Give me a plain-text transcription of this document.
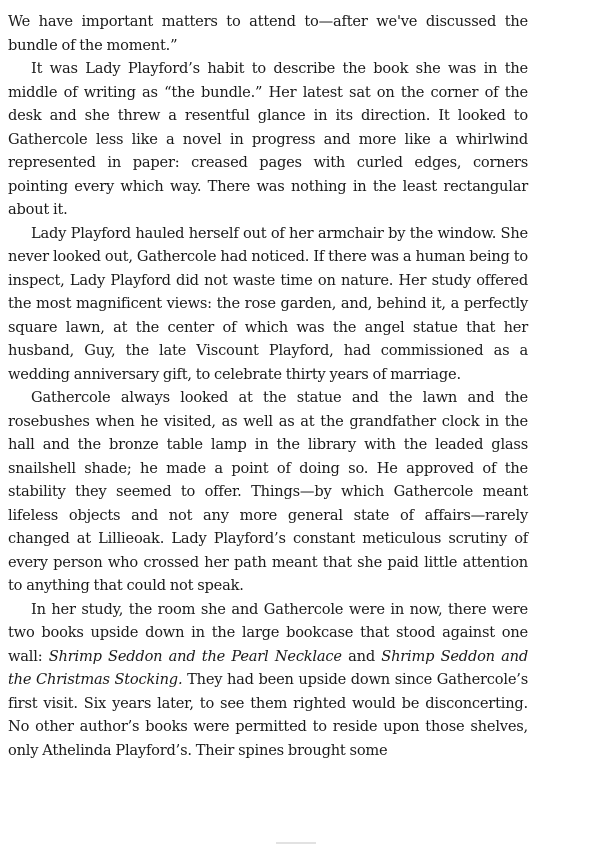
We have important matters to attend to—after we've discussed the bundle of the moment.”

It was Lady Playford’s habit to describe the book she was in the middle of writing as “the bundle.” Her latest sat on the corner of the desk and she threw a resentful glance in its direction. It looked to Gathercole less like a novel in progress and more like a whirlwind represented in paper: creased pages with curled edges, corners pointing every which way. There was nothing in the least rectangular about it.

Lady Playford hauled herself out of her armchair by the window. She never looked out, Gathercole had noticed. If there was a human being to inspect, Lady Playford did not waste time on nature. Her study offered the most magnificent views: the rose garden, and, behind it, a perfectly square lawn, at the center of which was the angel statue that her husband, Guy, the late Viscount Playford, had commissioned as a wedding anniversary gift, to celebrate thirty years of marriage.

Gathercole always looked at the statue and the lawn and the rosebushes when he visited, as well as at the grandfather clock in the hall and the bronze table lamp in the library with the leaded glass snailshell shade; he made a point of doing so. He approved of the stability they seemed to offer. Things—by which Gathercole meant lifeless objects and not any more general state of affairs—rarely changed at Lillieoak. Lady Playford’s constant meticulous scrutiny of every person who crossed her path meant that she paid little attention to anything that could not speak.

In her study, the room she and Gathercole were in now, there were two books upside down in the large bookcase that stood against one wall: Shrimp Seddon and the Pearl Necklace and Shrimp Seddon and the Christmas Stocking. They had been upside down since Gathercole’s first visit. Six years later, to see them righted would be disconcerting. No other author’s books were permitted to reside upon those shelves, only Athelinda Playford’s. Their spines brought some
